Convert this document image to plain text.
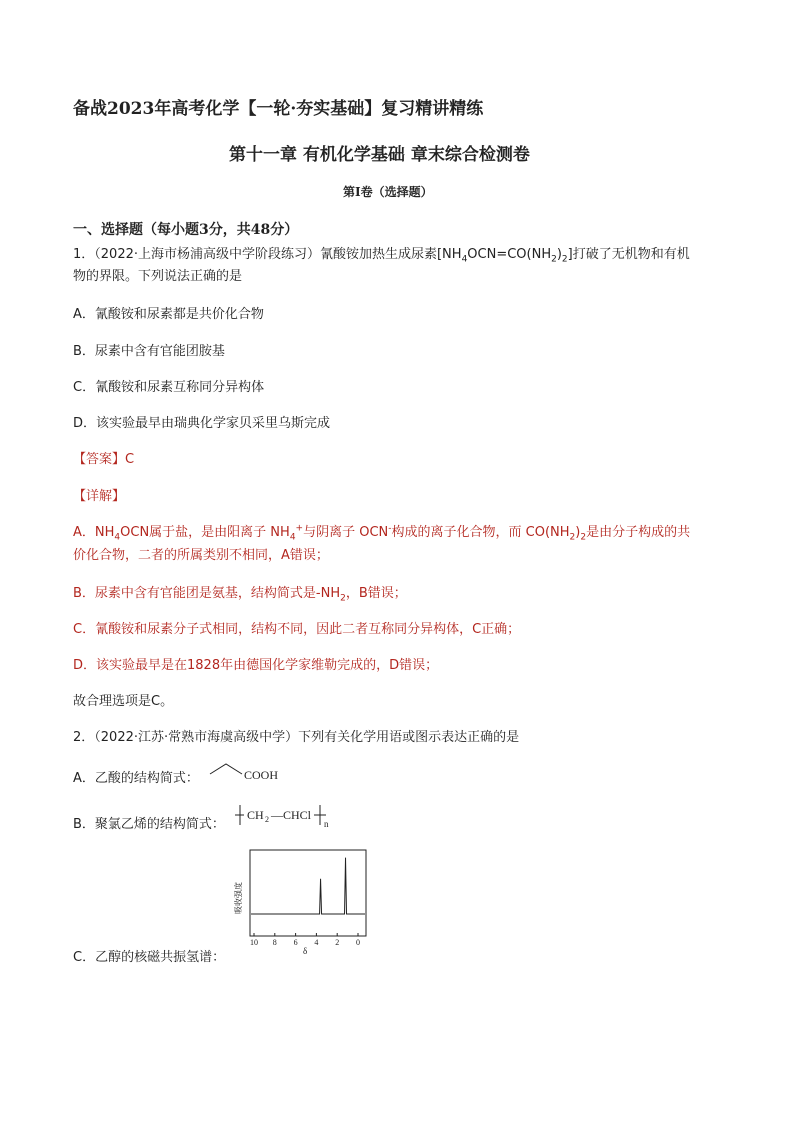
备战2023年高考化学【一轮·夯实基础】复习精讲精练
第十一章 有机化学基础 章末综合检测卷
第I卷（选择题）
一、选择题（每小题3分，共48分）
1．（2022·上海市杨浦高级中学阶段练习）氰酸铵加热生成尿素$[NH_4OCN=CO(NH_2)_2]$打破了无机物和有机
物的界限。下列说法正确的是
A．氰酸铵和尿素都是共价化合物
B．尿素中含有官能团胺基
C．氰酸铵和尿素互称同分异构体
D．该实验最早由瑞典化学家贝采里乌斯完成
【答案】C
【详解】
A．$NH_4OCN$属于盐，是由阳离子 $NH_4^+$与阴离子 OCN-构成的离子化合物，而 $CO(NH_2)_2$是由分子构成的共
价化合物，二者的所属类别不相同，A错误；
B．尿素中含有官能团是氨基，结构简式是$-NH_2$，B错误；
C．氰酸铵和尿素分子式相同，结构不同，因此二者互称同分异构体，C正确；
D．该实验最早是在1828年由德国化学家维勒完成的，D错误；
故合理选项是C。
2．（2022·江苏·常熟市海虞高级中学）下列有关化学用语或图示表达正确的是
A．乙酸的结构简式：	COOH
B．聚氯乙烯的结构简式：
CH 2 —CHCl
n
C．乙醇的核磁共振氢谱：
吸收强度
δ
10 8 6 4 2 0
